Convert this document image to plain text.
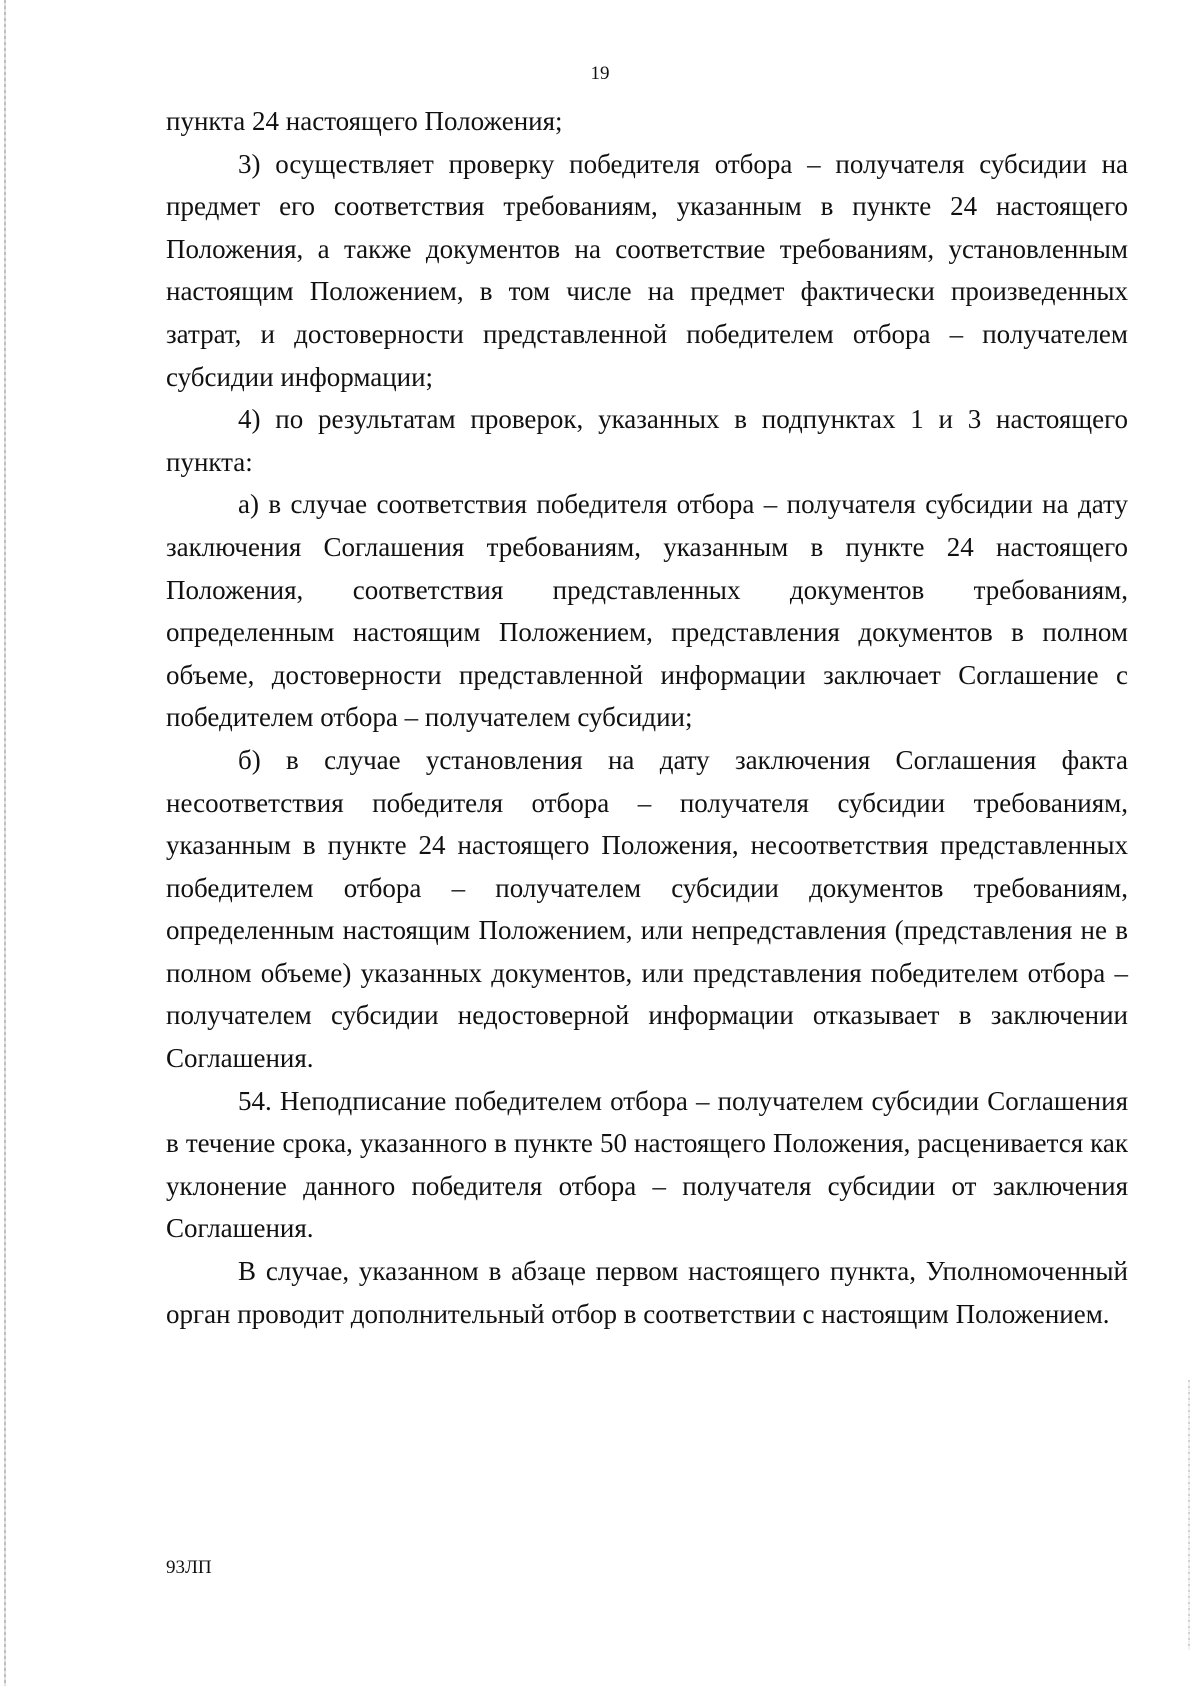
19

пункта 24 настоящего Положения;

3) осуществляет проверку победителя отбора – получателя субсидии на предмет его соответствия требованиям, указанным в пункте 24 настоящего Положения, а также документов на соответствие требованиям, установленным настоящим Положением, в том числе на предмет фактически произведенных затрат, и достоверности представленной победителем отбора – получателем субсидии информации;

4) по результатам проверок, указанных в подпунктах 1 и 3 настоящего пункта:

а) в случае соответствия победителя отбора – получателя субсидии на дату заключения Соглашения требованиям, указанным в пункте 24 настоящего Положения, соответствия представленных документов требованиям, определенным настоящим Положением, представления документов в полном объеме, достоверности представленной информации заключает Соглашение с победителем отбора – получателем субсидии;

б) в случае установления на дату заключения Соглашения факта несоответствия победителя отбора – получателя субсидии требованиям, указанным в пункте 24 настоящего Положения, несоответствия представленных победителем отбора – получателем субсидии документов требованиям, определенным настоящим Положением, или непредставления (представления не в полном объеме) указанных документов, или представления победителем отбора – получателем субсидии недостоверной информации отказывает в заключении Соглашения.

54. Неподписание победителем отбора – получателем субсидии Соглашения в течение срока, указанного в пункте 50 настоящего Положения, расценивается как уклонение данного победителя отбора – получателя субсидии от заключения Соглашения.

В случае, указанном в абзаце первом настоящего пункта, Уполномоченный орган проводит дополнительный отбор в соответствии с настоящим Положением.

93ЛП
